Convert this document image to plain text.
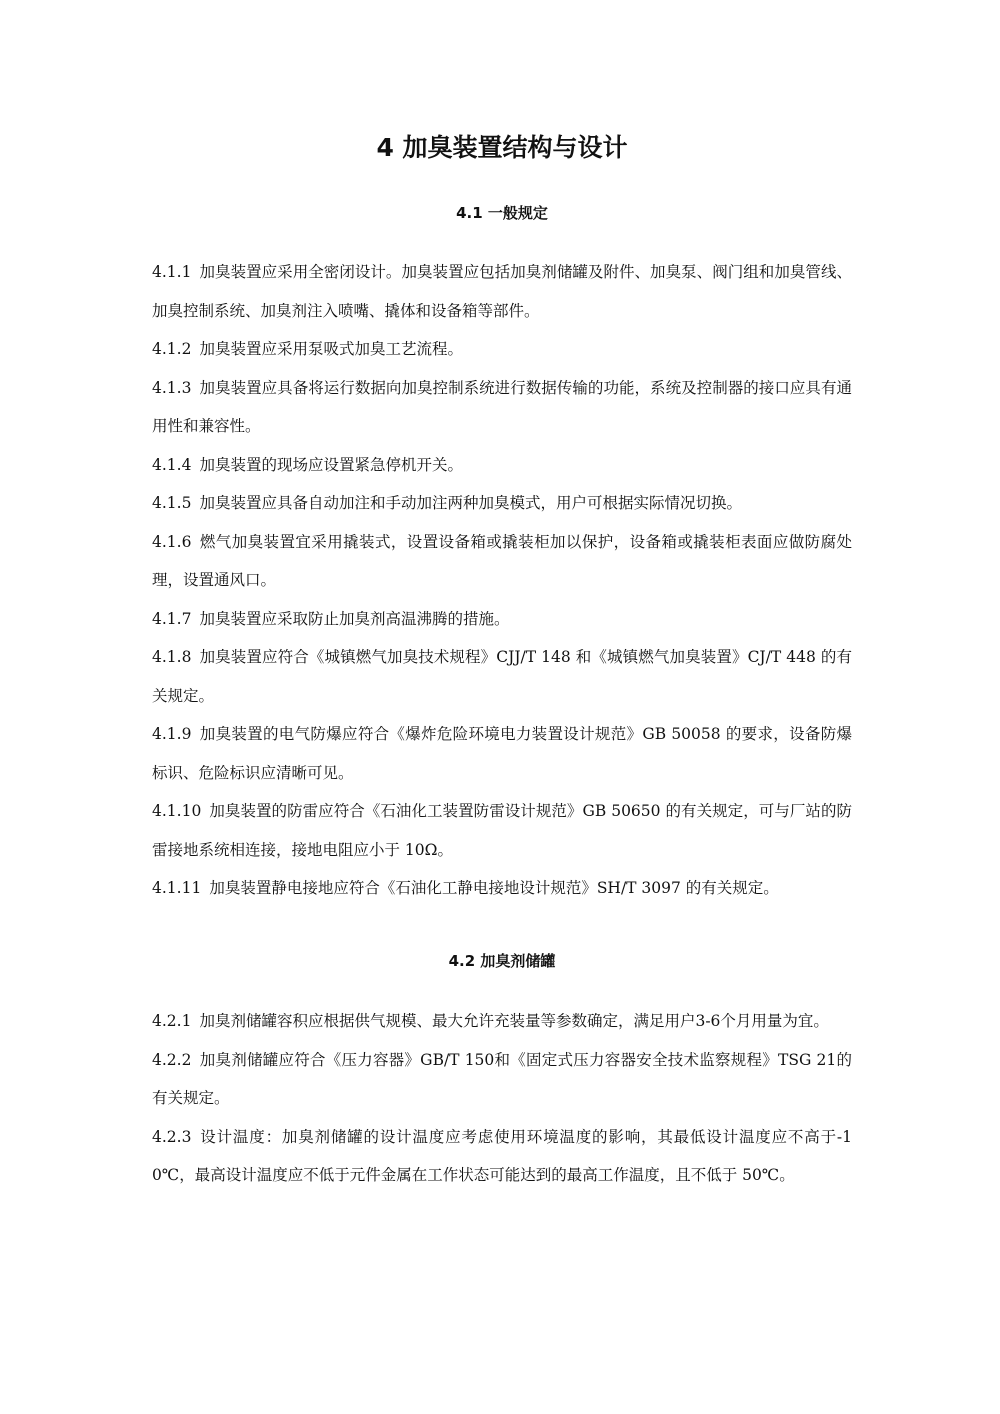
4 加臭装置结构与设计
4.1 一般规定

4.1.1 加臭装置应采用全密闭设计。加臭装置应包括加臭剂储罐及附件、加臭泵、阀门组和加臭管线、加臭控制系统、加臭剂注入喷嘴、撬体和设备箱等部件。

4.1.2 加臭装置应采用泵吸式加臭工艺流程。

4.1.3 加臭装置应具备将运行数据向加臭控制系统进行数据传输的功能，系统及控制器的接口应具有通用性和兼容性。

4.1.4 加臭装置的现场应设置紧急停机开关。

4.1.5 加臭装置应具备自动加注和手动加注两种加臭模式，用户可根据实际情况切换。

4.1.6 燃气加臭装置宜采用撬装式，设置设备箱或撬装柜加以保护，设备箱或撬装柜表面应做防腐处理，设置通风口。

4.1.7 加臭装置应采取防止加臭剂高温沸腾的措施。

4.1.8 加臭装置应符合《城镇燃气加臭技术规程》CJJ/T 148 和《城镇燃气加臭装置》CJ/T 448 的有关规定。

4.1.9 加臭装置的电气防爆应符合《爆炸危险环境电力装置设计规范》GB 50058 的要求，设备防爆标识、危险标识应清晰可见。

4.1.10 加臭装置的防雷应符合《石油化工装置防雷设计规范》GB 50650 的有关规定，可与厂站的防雷接地系统相连接，接地电阻应小于 10Ω。

4.1.11 加臭装置静电接地应符合《石油化工静电接地设计规范》SH/T 3097 的有关规定。

4.2 加臭剂储罐

4.2.1 加臭剂储罐容积应根据供气规模、最大允许充装量等参数确定，满足用户3-6个月用量为宜。

4.2.2 加臭剂储罐应符合《压力容器》GB/T 150和《固定式压力容器安全技术监察规程》TSG 21的有关规定。

4.2.3 设计温度：加臭剂储罐的设计温度应考虑使用环境温度的影响，其最低设计温度应不高于-10℃，最高设计温度应不低于元件金属在工作状态可能达到的最高工作温度，且不低于 50℃。
